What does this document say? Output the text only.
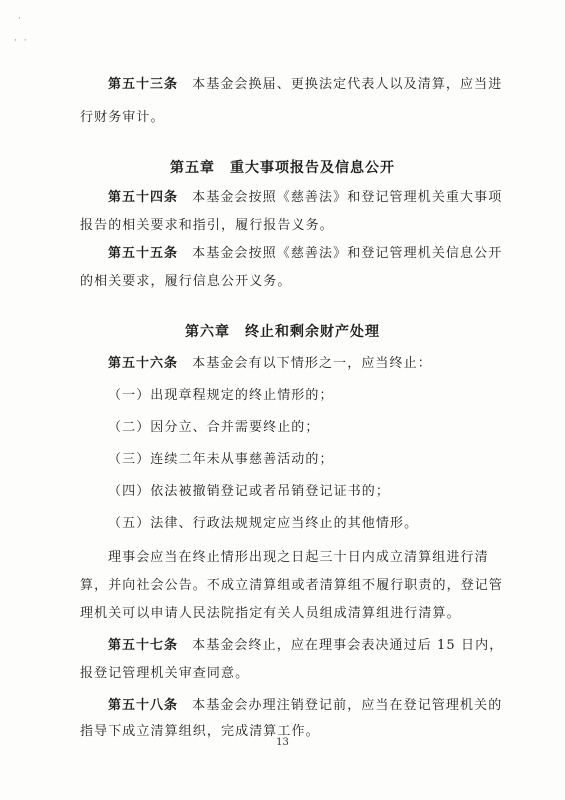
·
· ·
第五十三条　 本基金会换届、更换法定代表人以及清算，应当进
行财务审计。
第五章　重大事项报告及信息公开
第五十四条　 本基金会按照《慈善法》和登记管理机关重大事项
报告的相关要求和指引，履行报告义务。
第五十五条　 本基金会按照《慈善法》和登记管理机关信息公开
的相关要求，履行信息公开义务。
第六章　终止和剩余财产处理
第五十六条　 本基金会有以下情形之一，应当终止：
（一）出现章程规定的终止情形的；
（二）因分立、合并需要终止的；
（三）连续二年未从事慈善活动的；
（四）依法被撤销登记或者吊销登记证书的；
（五）法律、行政法规规定应当终止的其他情形。
理事会应当在终止情形出现之日起三十日内成立清算组进行清
算，并向社会公告。不成立清算组或者清算组不履行职责的，登记管
理机关可以申请人民法院指定有关人员组成清算组进行清算。
第五十七条　 本基金会终止，应在理事会表决通过后 15 日内，
报登记管理机关审查同意。
第五十八条　 本基金会办理注销登记前，应当在登记管理机关的
指导下成立清算组织，完成清算工作。
13
